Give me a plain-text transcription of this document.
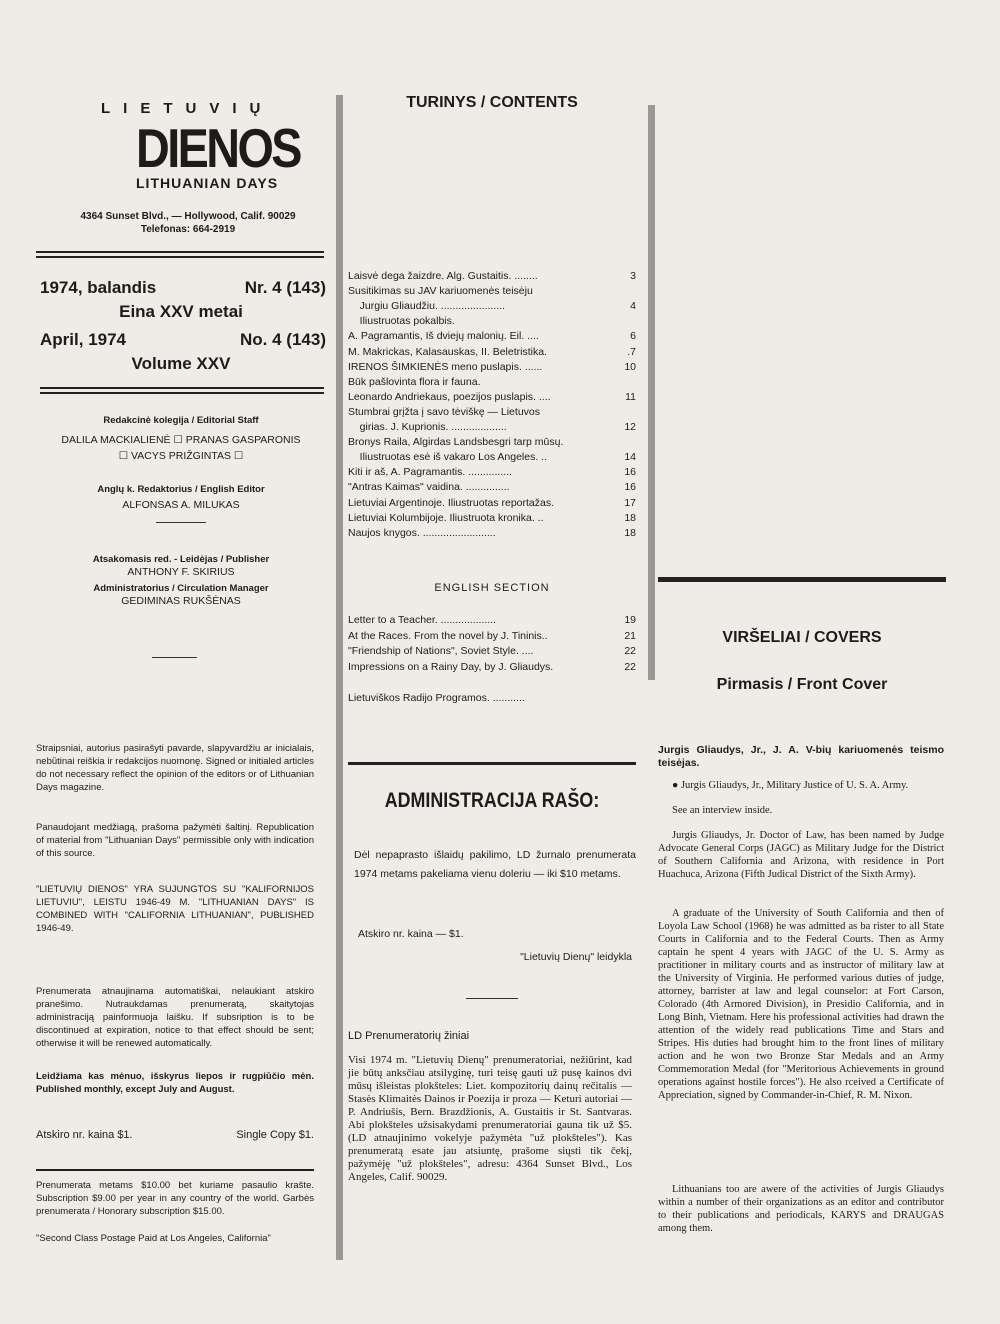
LIETUVIŲ
DIENOS
LITHUANIAN DAYS
4364 Sunset Blvd., — Hollywood, Calif. 90029
Telefonas: 664-2919
1974, balandis	Nr. 4 (143)
Eina XXV metai
April, 1974	No. 4 (143)
Volume XXV
Redakcinė kolegija / Editorial Staff
DALILA MACKIALIENĖ ☐ PRANAS GASPARONIS
☐ VACYS PRIŽGINTAS ☐
Anglų k. Redaktorius / English Editor
ALFONSAS A. MILUKAS
Atsakomasis red. - Leidėjas / Publisher
ANTHONY F. SKIRIUS
Administratorius / Circulation Manager
GEDIMINAS RUKŠĖNAS
Straipsniai, autorius pasirašyti pavarde, slapyvardžiu ar inicialais, nebūtinai reiškia ir redakcijos nuomonę. Signed or initialed articles do not necessary reflect the opinion of the editors or of Lithuanian Days magazine.
Panaudojant medžiagą, prašoma pažymėti šaltinį. Republication of material from "Lithuanian Days" permissible only with indication of this source.
"LIETUVIŲ DIENOS" YRA SUJUNGTOS SU "KALIFORNIJOS LIETUVIU", LEISTU 1946-49 M. "LITHUANIAN DAYS" IS COMBINED WITH "CALIFORNIA LITHUANIAN", PUBLISHED 1946-49.
Prenumerata atnaujinama automatiškai, nelaukiant atskiro pranešimo. Nutraukdamas prenumeratą, skaitytojas administraciją painformuoja laišku. If subsription is to be discontinued at expiration, notice to that effect should be sent; otherwise it will be renewed automatically.
Leidžiama kas mėnuo, išskyrus liepos ir rugpiūčio mėn. Published monthly, except July and August.
Atskiro nr. kaina $1.	Single Copy $1.
Prenumerata metams $10.00 bet kuriame pasaulio krašte. Subscription $9.00 per year in any country of the world. Garbės prenumerata / Honorary subscription $15.00.
"Second Class Postage Paid at Los Angeles, California"
TURINYS / CONTENTS
Laisvė dega žaizdre. Alg. Gustaitis. ........	3
Susitikimas su JAV kariuomenės teisėju
Jurgiu Gliaudžiu. ......................	4
Iliustruotas pokalbis.
A. Pagramantis, Iš dviejų malonių. Eil. ....	6
M. Makrickas, Kalasauskas, II. Beletristika.	.7
IRENOS ŠIMKIENĖS meno puslapis. ......	10
Būk pašlovinta flora ir fauna.
Leonardo Andriekaus, poezijos puslapis. ....	11
Stumbrai grįžta į savo tėviškę — Lietuvos
girias. J. Kuprionis. ...................	12
Bronys Raila, Algirdas Landsbesgri tarp mūsų.
Iliustruotas esė iš vakaro Los Angeles. ..	14
Kiti ir aš, A. Pagramantis. ...............	16
"Antras Kaimas" vaidina. ...............	16
Lietuviai Argentinoje. Iliustruotas reportažas.	17
Lietuviai Kolumbijoje. Iliustruota kronika. ..	18
Naujos knygos. .........................	18
ENGLISH SECTION
Letter to a Teacher. ...................	19
At the Races. From the novel by J. Tininis..	21
"Friendship of Nations", Soviet Style. ....	22
Impressions on a Rainy Day, by J. Gliaudys.	22
Lietuviškos Radijo Programos. ...........
ADMINISTRACIJA RAŠO:
Dėl nepaprasto išlaidų pakilimo, LD žurnalo prenumerata 1974 metams pakeliama vienu doleriu — iki $10 metams.
Atskiro nr. kaina — $1.
"Lietuvių Dienų" leidykla
LD Prenumeratorių žiniai
Visi 1974 m. "Lietuvių Dienų" prenumeratoriai, nežiūrint, kad jie būtų anksčiau atsilyginę, turi teisę gauti už pusę kainos dvi mūsų išleistas plokšteles: Liet. kompozitorių dainų rečitalis — Stasės Klimaitės Dainos ir Poezija ir proza — Keturi autoriai — P. Andriušis, Bern. Brazdžionis, A. Gustaitis ir St. Santvaras. Abi plokšteles užsisakydami prenumeratoriai gauna tik už $5. (LD atnaujinimo vokelyje pažymėta "už plokšteles"). Kas prenumeratą esate jau atsiuntę, prašome siųsti tik čekį, pažymėję "už plokšteles", adresu: 4364 Sunset Blvd., Los Angeles, Calif. 90029.
VIRŠELIAI / COVERS
Pirmasis / Front Cover
Jurgis Gliaudys, Jr., J. A. V-bių kariuomenės teismo teisėjas.
● Jurgis Gliaudys, Jr., Military Justice of U. S. A. Army.
See an interview inside.
Jurgis Gliaudys, Jr. Doctor of Law, has been named by Judge Advocate General Corps (JAGC) as Military Judge for the District of Southern California and Arizona, with residence in Port Huachuca, Arizona (Fifth Judical District of the Sixth Army).
A graduate of the University of South California and then of Loyola Law School (1968) he was admitted as ba rister to all State Courts in California and to the Federal Courts. Then as Army captain he spent 4 years with JAGC of the U. S. Army as practitioner in military courts and as instructor of military law at the University of Virginia. He performed various duties of judge, attorney, barrister at law and legal counselor: at Fort Carson, Colorado (4th Armored Division), in Presidio California, and in Long Binh, Vietnam. Here his professional activities had drawn the attention of the widely read publications Time and Stars and Stripes. His duties had brought him to the front lines of military action and he won two Bronze Star Medals and an Army Commemoration Medal (for "Meritorious Achievements in ground operations against hostile forces"). He also rceived a Certificate of Appreciation, signed by Commander-in-Chief, R. M. Nixon.
Lithuanians too are awere of the activities of Jurgis Gliaudys within a number of their organizations as an editor and contributor to their publications and periodicals, KARYS and DRAUGAS among them.
